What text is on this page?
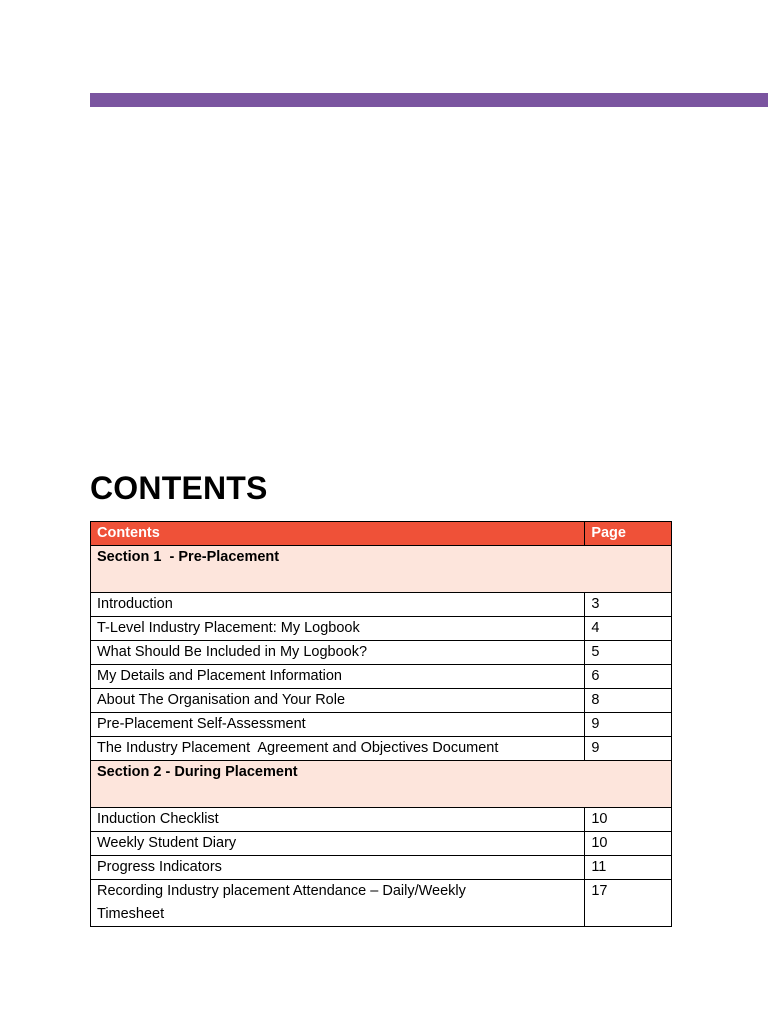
CONTENTS
Contents	Page
Section 1  - Pre-Placement	
Introduction	3
T-Level Industry Placement: My Logbook	4
What Should Be Included in My Logbook?	5
My Details and Placement Information	6
About The Organisation and Your Role	8
Pre-Placement Self-Assessment	9
The Industry Placement  Agreement and Objectives Document	9
Section 2 - During Placement	
Induction Checklist	10
Weekly Student Diary	10
Progress Indicators	11
Recording Industry placement Attendance – Daily/Weekly Timesheet	17
